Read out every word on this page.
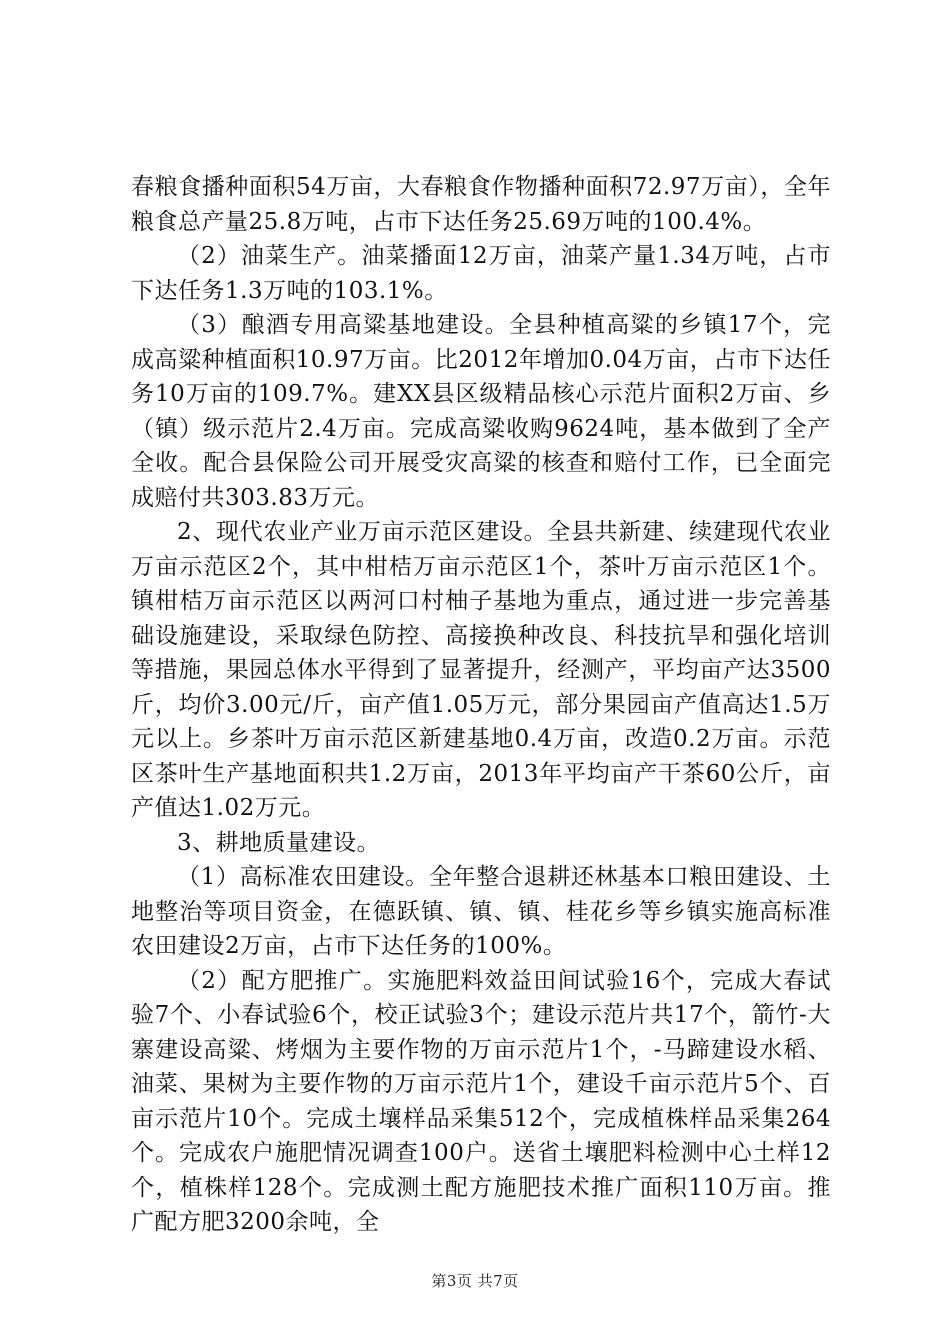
春粮食播种面积54万亩，大春粮食作物播种面积72.97万亩），全年粮食总产量25.8万吨，占市下达任务25.69万吨的100.4%。

（2）油菜生产。油菜播面12万亩，油菜产量1.34万吨，占市下达任务1.3万吨的103.1%。

（3）酿酒专用高粱基地建设。全县种植高粱的乡镇17个，完成高粱种植面积10.97万亩。比2012年增加0.04万亩，占市下达任务10万亩的109.7%。建XX县区级精品核心示范片面积2万亩、乡（镇）级示范片2.4万亩。完成高粱收购9624吨，基本做到了全产全收。配合县保险公司开展受灾高粱的核查和赔付工作，已全面完成赔付共303.83万元。

2、现代农业产业万亩示范区建设。全县共新建、续建现代农业万亩示范区2个，其中柑桔万亩示范区1个，茶叶万亩示范区1个。镇柑桔万亩示范区以两河口村柚子基地为重点，通过进一步完善基础设施建设，采取绿色防控、高接换种改良、科技抗旱和强化培训等措施，果园总体水平得到了显著提升，经测产，平均亩产达3500斤，均价3.00元/斤，亩产值1.05万元，部分果园亩产值高达1.5万元以上。乡茶叶万亩示范区新建基地0.4万亩，改造0.2万亩。示范区茶叶生产基地面积共1.2万亩，2013年平均亩产干茶60公斤，亩产值达1.02万元。

3、耕地质量建设。

（1）高标准农田建设。全年整合退耕还林基本口粮田建设、土地整治等项目资金，在德跃镇、镇、镇、桂花乡等乡镇实施高标准农田建设2万亩，占市下达任务的100%。

（2）配方肥推广。实施肥料效益田间试验16个，完成大春试验7个、小春试验6个，校正试验3个；建设示范片共17个，箭竹-大寨建设高粱、烤烟为主要作物的万亩示范片1个，-马蹄建设水稻、油菜、果树为主要作物的万亩示范片1个，建设千亩示范片5个、百亩示范片10个。完成土壤样品采集512个，完成植株样品采集264个。完成农户施肥情况调查100户。送省土壤肥料检测中心土样12个，植株样128个。完成测土配方施肥技术推广面积110万亩。推广配方肥3200余吨，全

第3页 共7页
